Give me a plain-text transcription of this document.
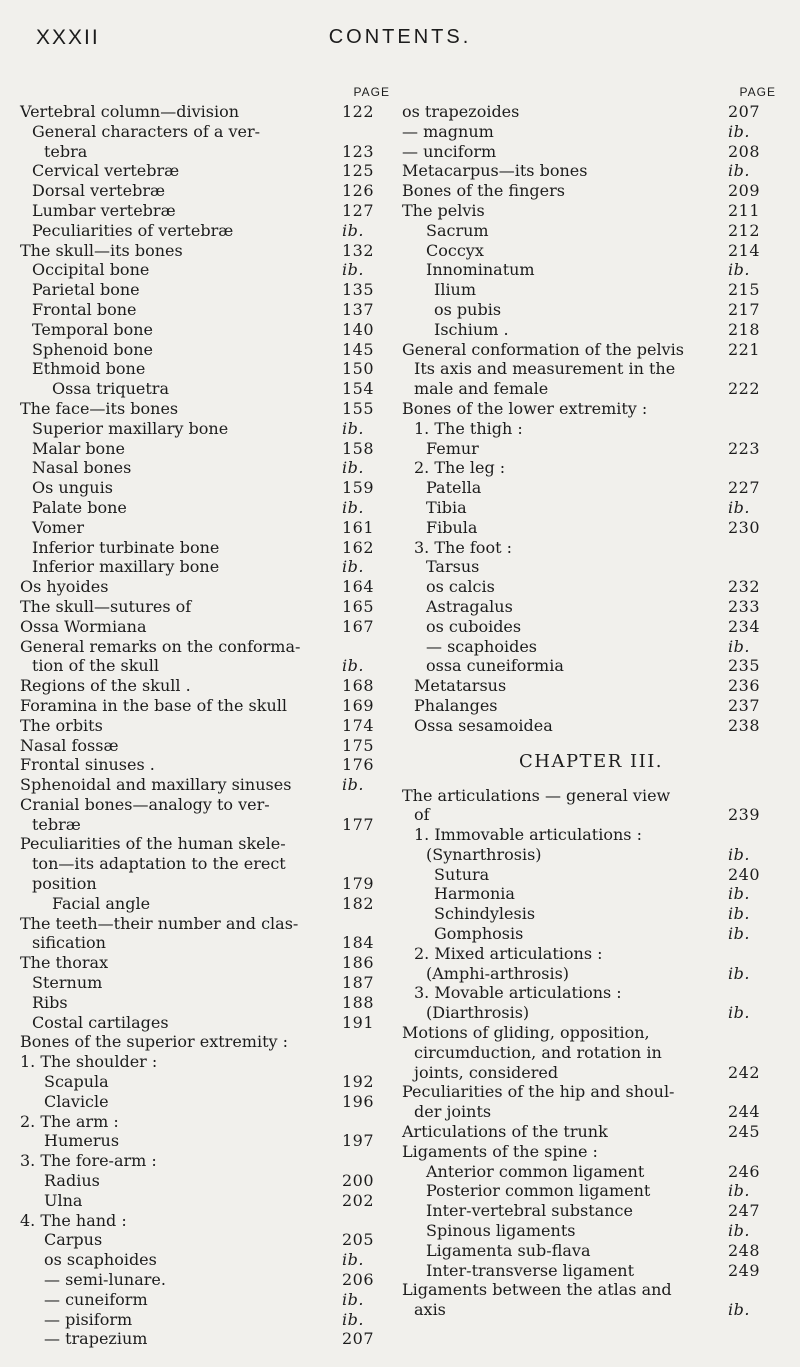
XXXII	CONTENTS.
PAGE
Vertebral column—division	122
General characters of a ver-
tebra	123
Cervical vertebræ	125
Dorsal vertebræ	126
Lumbar vertebræ	127
Peculiarities of vertebræ	ib.
The skull—its bones	132
Occipital bone	ib.
Parietal bone	135
Frontal bone	137
Temporal bone	140
Sphenoid bone	145
Ethmoid bone	150
Ossa triquetra	154
The face—its bones	155
Superior maxillary bone	ib.
Malar bone	158
Nasal bones	ib.
Os unguis	159
Palate bone	ib.
Vomer	161
Inferior turbinate bone	162
Inferior maxillary bone	ib.
Os hyoides	164
The skull—sutures of	165
Ossa Wormiana	167
General remarks on the conforma-
tion of the skull	ib.
Regions of the skull .	168
Foramina in the base of the skull	169
The orbits	174
Nasal fossæ	175
Frontal sinuses .	176
Sphenoidal and maxillary sinuses	ib.
Cranial bones—analogy to ver-
tebræ	177
Peculiarities of the human skele-
ton—its adaptation to the erect
position	179
Facial angle	182
The teeth—their number and clas-
sification	184
The thorax	186
Sternum	187
Ribs	188
Costal cartilages	191
Bones of the superior extremity :
1. The shoulder :
Scapula	192
Clavicle	196
2. The arm :
Humerus	197
3. The fore-arm :
Radius	200
Ulna	202
4. The hand :
Carpus	205
os scaphoides	ib.
— semi-lunare.	206
— cuneiform	ib.
— pisiform	ib.
— trapezium	207
PAGE
os trapezoides	207
— magnum	ib.
— unciform	208
Metacarpus—its bones	ib.
Bones of the fingers	209
The pelvis	211
Sacrum	212
Coccyx	214
Innominatum	ib.
Ilium	215
os pubis	217
Ischium .	218
General conformation of the pelvis	221
Its axis and measurement in the
male and female	222
Bones of the lower extremity :
1. The thigh :
Femur	223
2. The leg :
Patella	227
Tibia	ib.
Fibula	230
3. The foot :
Tarsus
os calcis	232
Astragalus	233
os cuboides	234
— scaphoides	ib.
ossa cuneiformia	235
Metatarsus	236
Phalanges	237
Ossa sesamoidea	238
CHAPTER III.
The articulations — general view
of	239
1. Immovable articulations :
(Synarthrosis)	ib.
Sutura	240
Harmonia	ib.
Schindylesis	ib.
Gomphosis	ib.
2. Mixed articulations :
(Amphi-arthrosis)	ib.
3. Movable articulations :
(Diarthrosis)	ib.
Motions of gliding, opposition,
circumduction, and rotation in
joints, considered	242
Peculiarities of the hip and shoul-
der joints	244
Articulations of the trunk	245
Ligaments of the spine :
Anterior common ligament	246
Posterior common ligament	ib.
Inter-vertebral substance	247
Spinous ligaments	ib.
Ligamenta sub-flava	248
Inter-transverse ligament	249
Ligaments between the atlas and
axis	ib.
